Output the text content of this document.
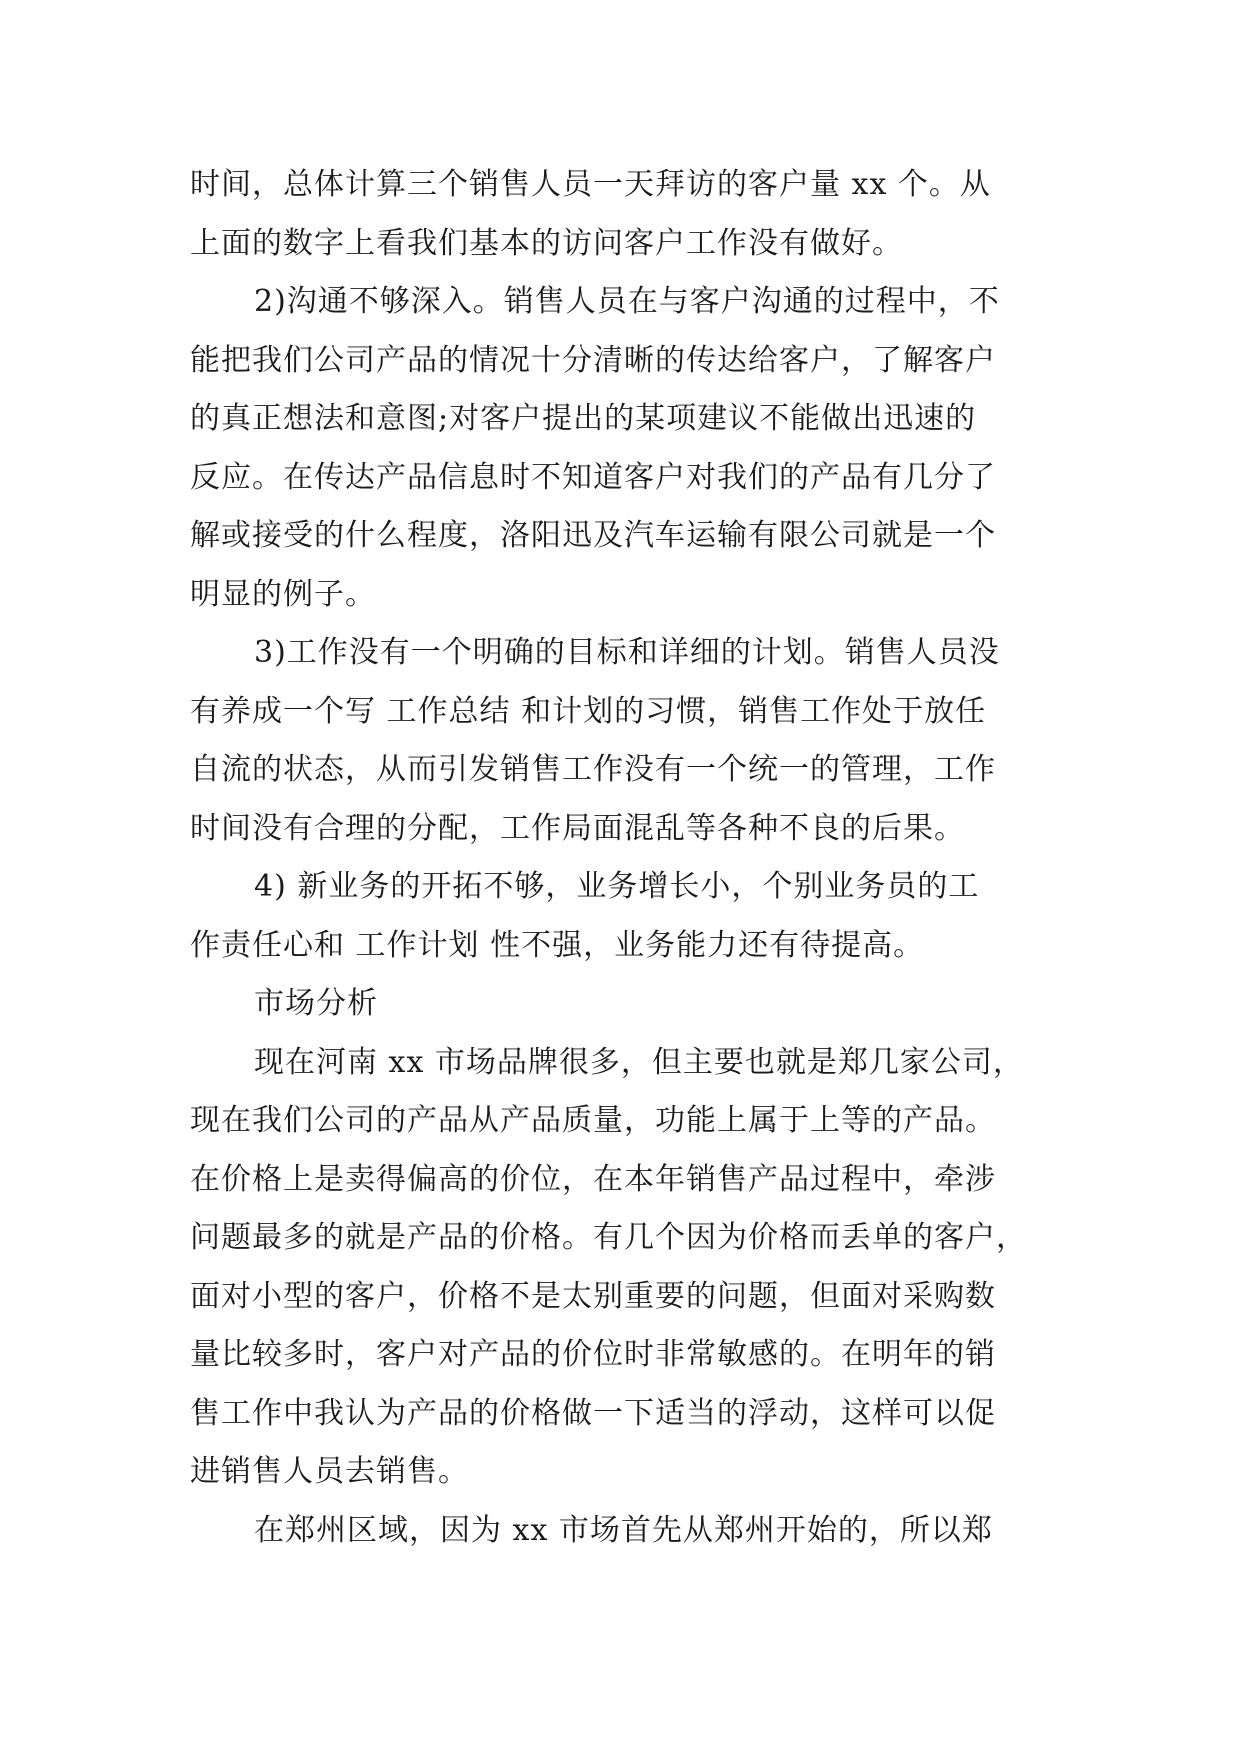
时间，总体计算三个销售人员一天拜访的客户量 xx 个。从
上面的数字上看我们基本的访问客户工作没有做好。
2)沟通不够深入。销售人员在与客户沟通的过程中，不
能把我们公司产品的情况十分清晰的传达给客户，了解客户
的真正想法和意图;对客户提出的某项建议不能做出迅速的
反应。在传达产品信息时不知道客户对我们的产品有几分了
解或接受的什么程度，洛阳迅及汽车运输有限公司就是一个
明显的例子。
3)工作没有一个明确的目标和详细的计划。销售人员没
有养成一个写 工作总结 和计划的习惯，销售工作处于放任
自流的状态，从而引发销售工作没有一个统一的管理，工作
时间没有合理的分配，工作局面混乱等各种不良的后果。
4) 新业务的开拓不够，业务增长小，个别业务员的工
作责任心和 工作计划 性不强，业务能力还有待提高。
市场分析
现在河南 xx 市场品牌很多，但主要也就是郑几家公司，
现在我们公司的产品从产品质量，功能上属于上等的产品。
在价格上是卖得偏高的价位，在本年销售产品过程中，牵涉
问题最多的就是产品的价格。有几个因为价格而丢单的客户，
面对小型的客户，价格不是太别重要的问题，但面对采购数
量比较多时，客户对产品的价位时非常敏感的。在明年的销
售工作中我认为产品的价格做一下适当的浮动，这样可以促
进销售人员去销售。
在郑州区域，因为 xx 市场首先从郑州开始的，所以郑
